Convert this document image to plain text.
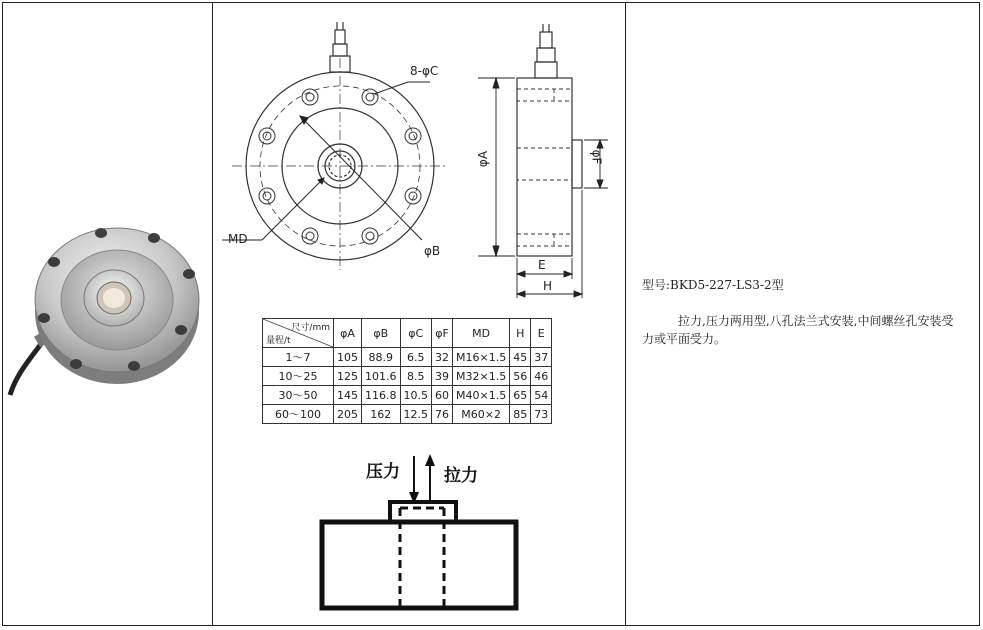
8-φC
MD
φB
φA	φF
E
H
尺寸/mm
量程/t	φA	φB	φC	φF	MD	H	E
1～7	105	88.9	6.5	32	M16×1.5	45	37
10～25	125	101.6	8.5	39	M32×1.5	56	46
30～50	145	116.8	10.5	60	M40×1.5	65	54
60～100	205	162	12.5	76	M60×2	85	73
压力	拉力
型号:BKD5-227-LS3-2型
拉力,压力两用型,八孔法兰式安装,中间螺丝孔安装受力或平面受力。
